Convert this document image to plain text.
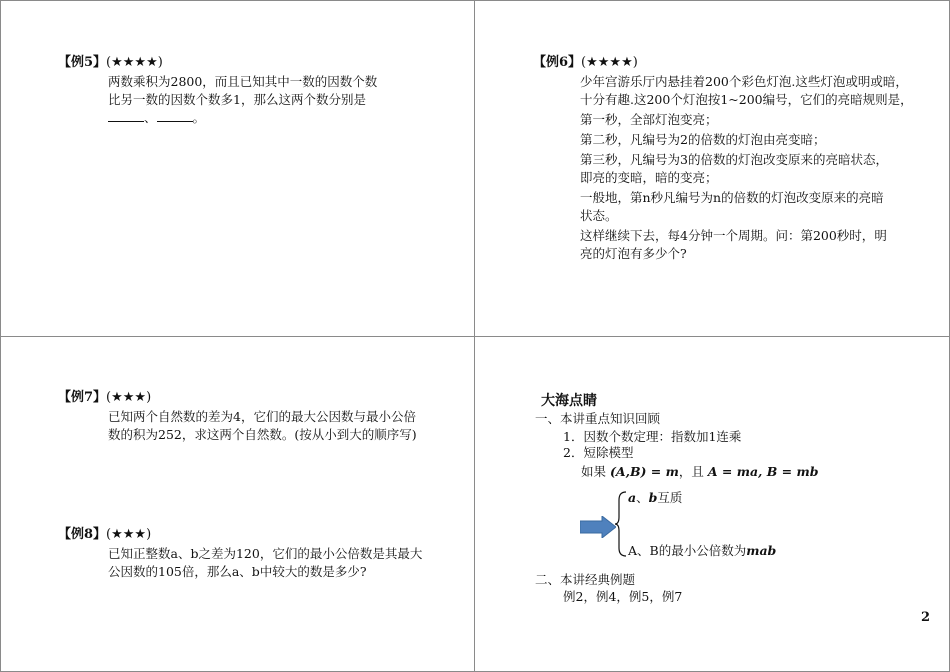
【例5】(★★★★)

两数乘积为2800，而且已知其中一数的因数个数

比另一数的因数个数多1，那么这两个数分别是

、	。

【例6】(★★★★)

少年宫游乐厅内悬挂着200个彩色灯泡.这些灯泡或明或暗，

十分有趣.这200个灯泡按1~200编号，它们的亮暗规则是，

第一秒，全部灯泡变亮；

第二秒，凡编号为2的倍数的灯泡由亮变暗；

第三秒，凡编号为3的倍数的灯泡改变原来的亮暗状态，

即亮的变暗，暗的变亮；

一般地，第n秒凡编号为n的倍数的灯泡改变原来的亮暗

状态。

这样继续下去，每4分钟一个周期。问：第200秒时，明

亮的灯泡有多少个?

【例7】(★★★)

已知两个自然数的差为4，它们的最大公因数与最小公倍

数的积为252，求这两个自然数。(按从小到大的顺序写)

【例8】(★★★)

已知正整数a、b之差为120，它们的最小公倍数是其最大

公因数的105倍，那么a、b中较大的数是多少?

大海点睛
一、本讲重点知识回顾
1．因数个数定理：指数加1连乘
2．短除模型
如果 (A,B) = m，且 A = ma, B = mb
a、b互质
A、B的最小公倍数为mab
二、本讲经典例题
例2，例4，例5，例7
2
